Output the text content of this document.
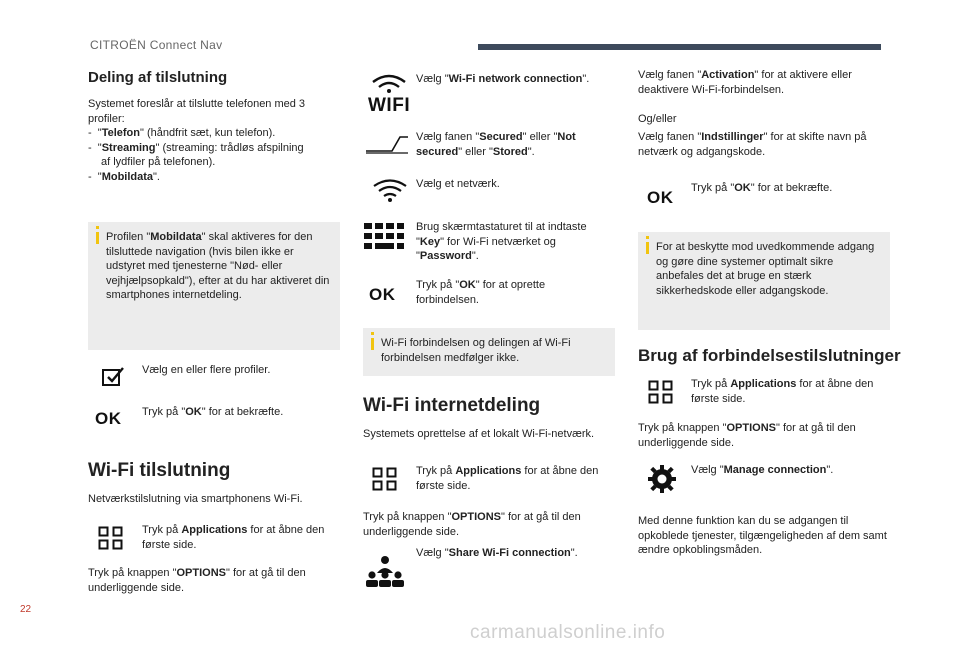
CITROËN Connect Nav
22
carmanualsonline.info
Deling af tilslutning
Systemet foreslår at tilslutte telefonen med 3 profiler:
-  "Telefon" (håndfrit sæt, kun telefon).
-  "Streaming" (streaming: trådløs afspilning
af lydfiler på telefonen).
-  "Mobildata".
Profilen "Mobildata" skal aktiveres for den tilsluttede navigation (hvis bilen ikke er udstyret med tjenesterne "Nød- eller vejhjælpsopkald"), efter at du har aktiveret din smartphones internetdeling.
Vælg en eller flere profiler.
OK Tryk på "OK" for at bekræfte.
Wi-Fi tilslutning
Netværkstilslutning via smartphonens Wi-Fi.
Tryk på Applications for at åbne den første side.
Tryk på knappen "OPTIONS" for at gå til den underliggende side.
WIFI
Vælg "Wi-Fi network connection".
Vælg fanen "Secured" eller "Not secured" eller "Stored".
Vælg et netværk.
Brug skærmtastaturet til at indtaste "Key" for Wi-Fi netværket og "Password".
OK Tryk på "OK" for at oprette forbindelsen.
Wi-Fi forbindelsen og delingen af Wi-Fi forbindelsen medfølger ikke.
Wi-Fi internetdeling
Systemets oprettelse af et lokalt Wi-Fi-netværk.
Tryk på Applications for at åbne den første side.
Tryk på knappen "OPTIONS" for at gå til den underliggende side.
Vælg "Share Wi-Fi connection".
Vælg fanen "Activation" for at aktivere eller deaktivere Wi-Fi-forbindelsen.
Og/eller
Vælg fanen "Indstillinger" for at skifte navn på netværk og adgangskode.
OK Tryk på "OK" for at bekræfte.
For at beskytte mod uvedkommende adgang og gøre dine systemer optimalt sikre anbefales det at bruge en stærk sikkerhedskode eller adgangskode.
Brug af forbindelsestilslutninger
Tryk på Applications for at åbne den første side.
Tryk på knappen "OPTIONS" for at gå til den underliggende side.
Vælg "Manage connection".
Med denne funktion kan du se adgangen til opkoblede tjenester, tilgængeligheden af dem samt ændre opkoblingsmåden.
